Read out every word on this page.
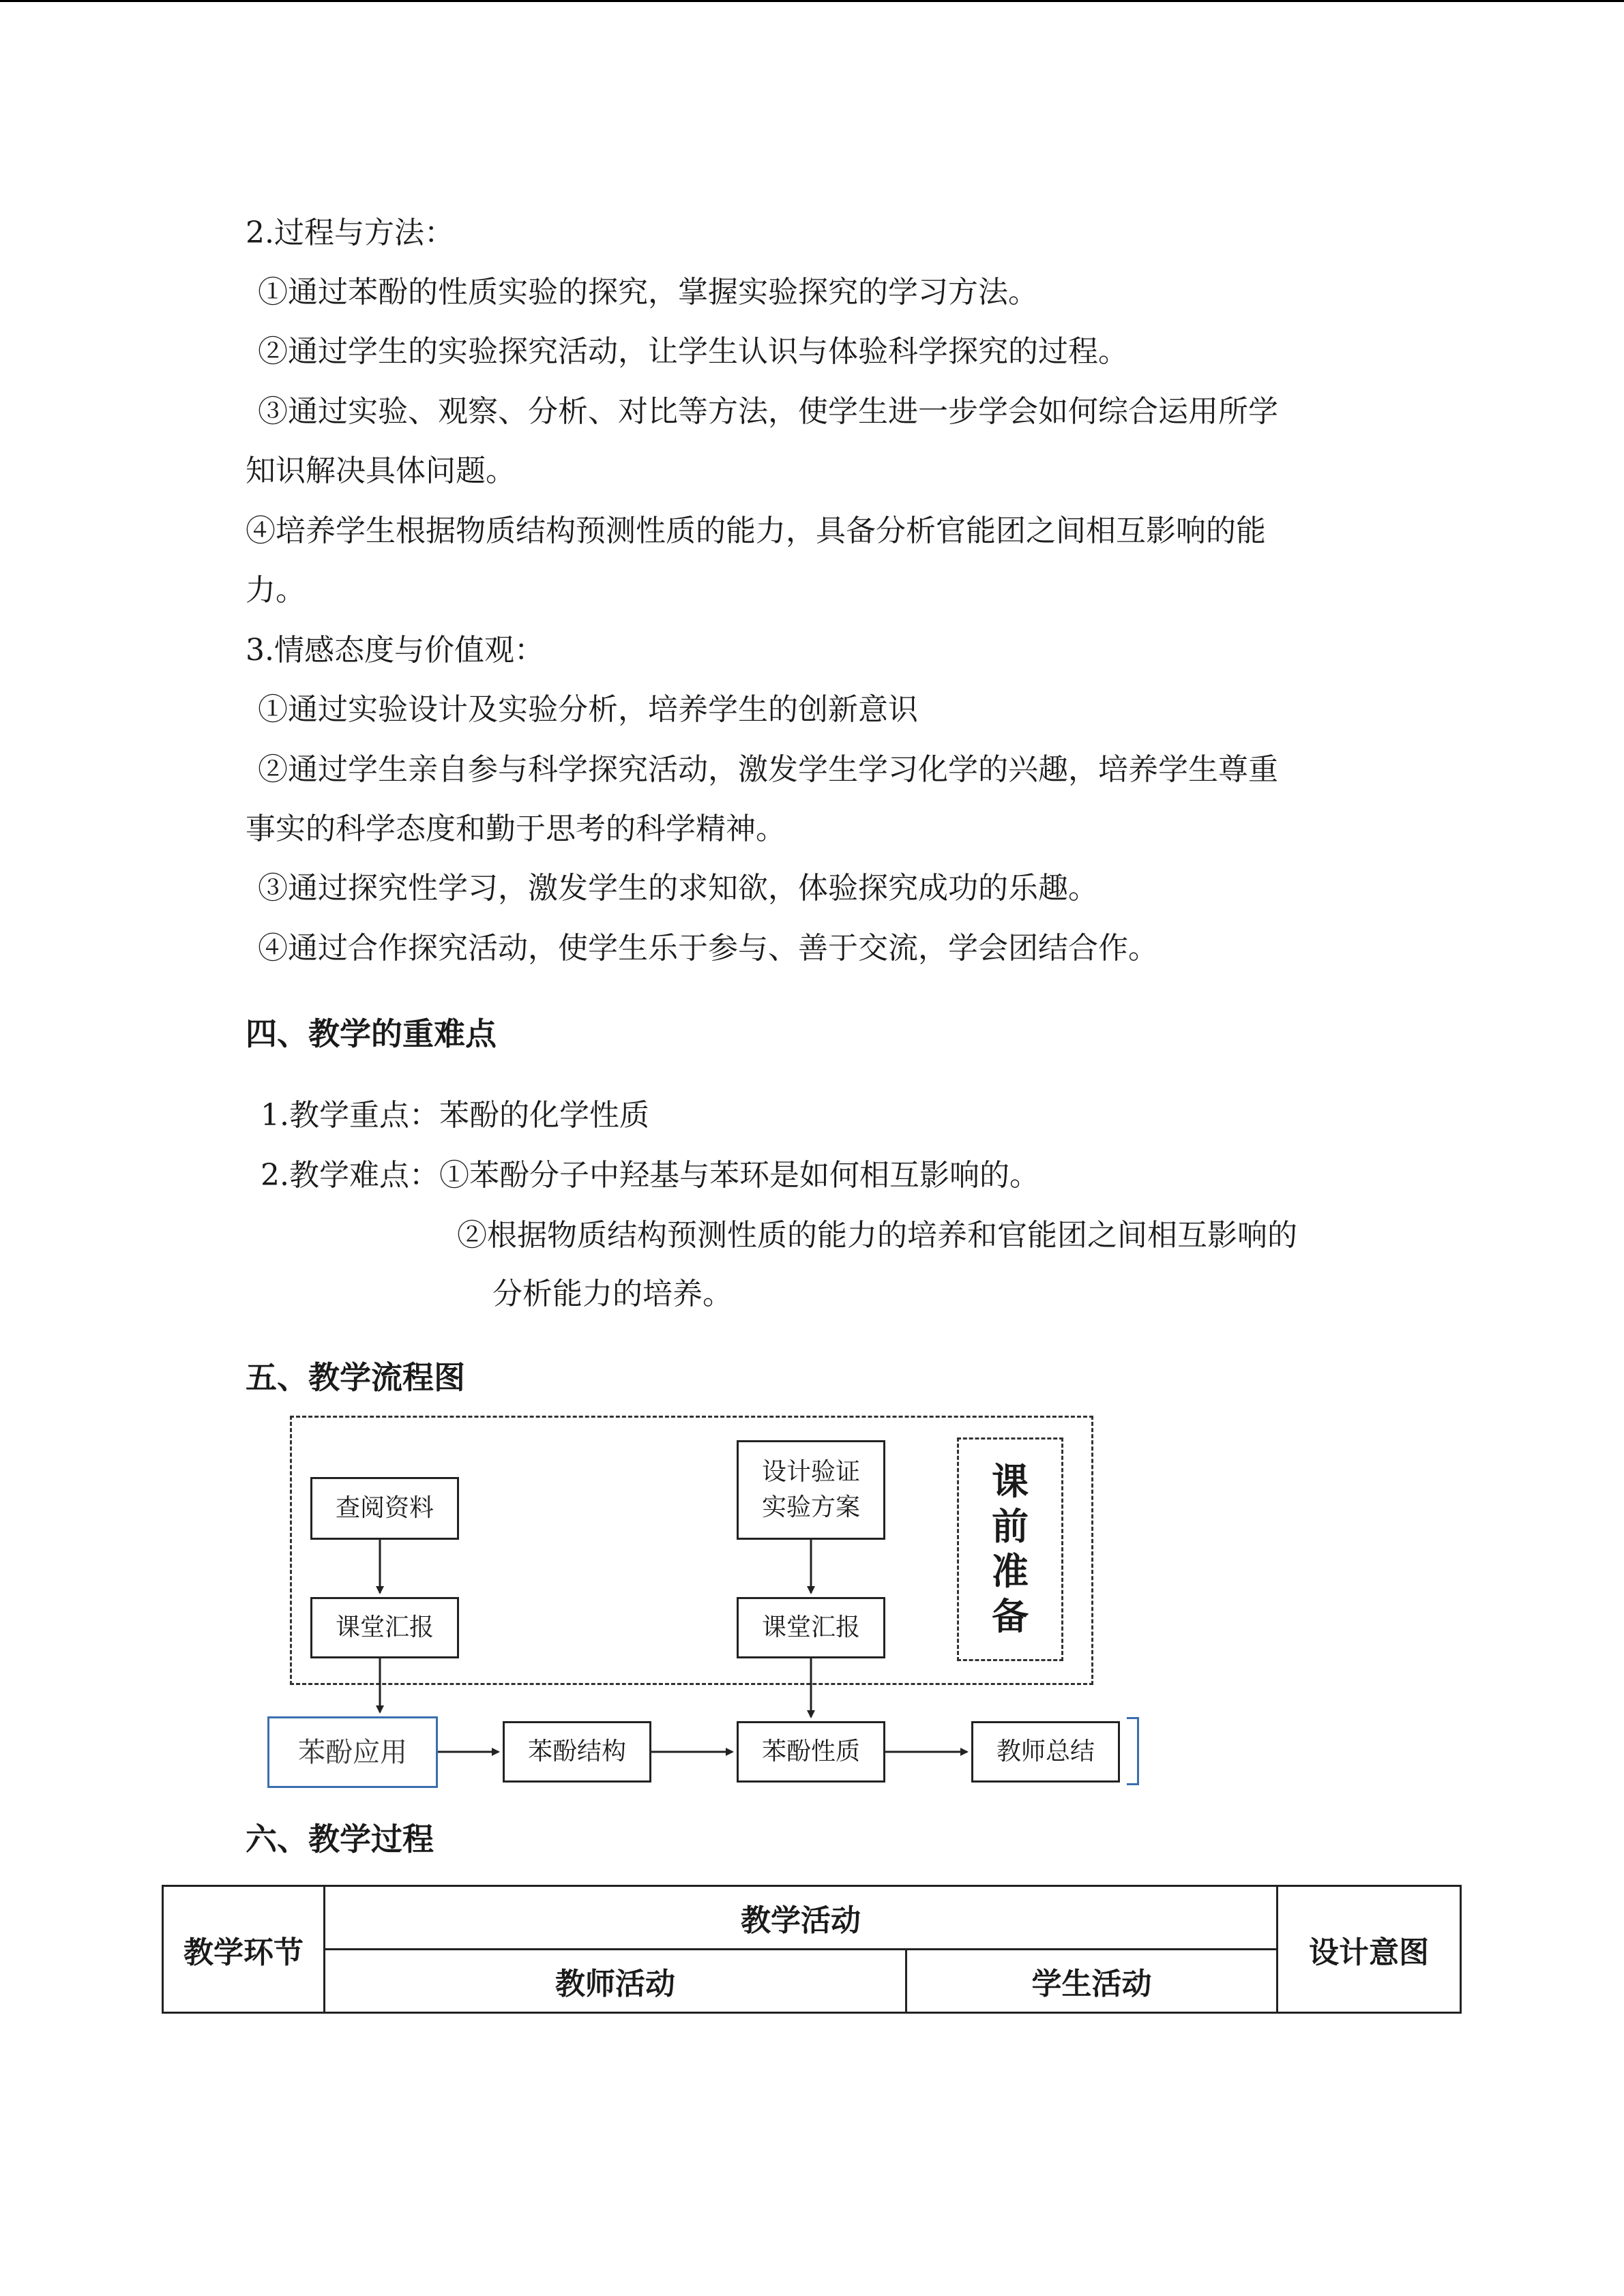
2.过程与方法：
①通过苯酚的性质实验的探究，掌握实验探究的学习方法。
②通过学生的实验探究活动，让学生认识与体验科学探究的过程。
③通过实验、观察、分析、对比等方法，使学生进一步学会如何综合运用所学
知识解决具体问题。
④培养学生根据物质结构预测性质的能力，具备分析官能团之间相互影响的能
力。
3.情感态度与价值观：
①通过实验设计及实验分析，培养学生的创新意识
②通过学生亲自参与科学探究活动，激发学生学习化学的兴趣，培养学生尊重
事实的科学态度和勤于思考的科学精神。
③通过探究性学习，激发学生的求知欲，体验探究成功的乐趣。
④通过合作探究活动，使学生乐于参与、善于交流，学会团结合作。
四、教学的重难点
1.教学重点：苯酚的化学性质
2.教学难点：①苯酚分子中羟基与苯环是如何相互影响的。
②根据物质结构预测性质的能力的培养和官能团之间相互影响的
分析能力的培养。
五、教学流程图
查阅资料
课堂汇报
设计验证
实验方案
课堂汇报
课
前
准
备
苯酚应用	苯酚结构	苯酚性质	教师总结
六、教学过程
教学环节	教学活动		设计意图
	教师活动	学生活动	
